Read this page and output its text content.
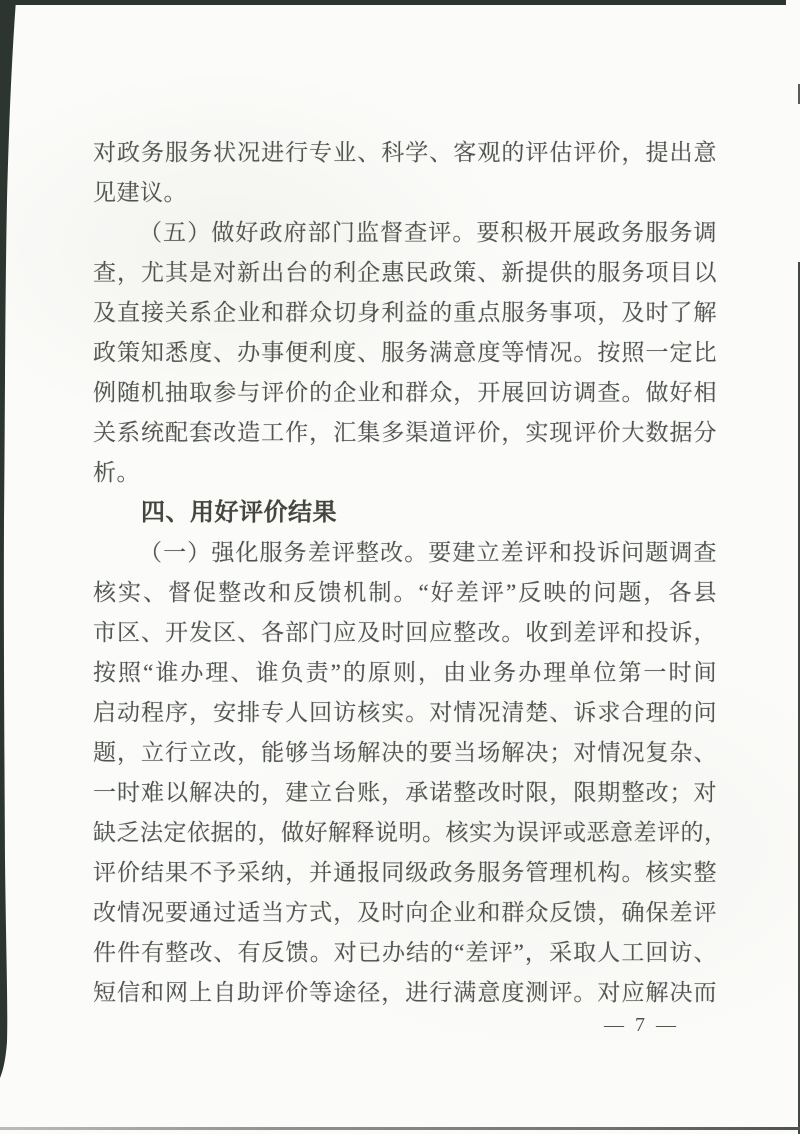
对政务服务状况进行专业、科学、客观的评估评价，提出意
见建议。
（五）做好政府部门监督查评。要积极开展政务服务调
查，尤其是对新出台的利企惠民政策、新提供的服务项目以
及直接关系企业和群众切身利益的重点服务事项，及时了解
政策知悉度、办事便利度、服务满意度等情况。按照一定比
例随机抽取参与评价的企业和群众，开展回访调查。做好相
关系统配套改造工作，汇集多渠道评价，实现评价大数据分
析。
四、用好评价结果
（一）强化服务差评整改。要建立差评和投诉问题调查
核实、督促整改和反馈机制。“好差评”反映的问题，各县
市区、开发区、各部门应及时回应整改。收到差评和投诉，
按照“谁办理、谁负责”的原则，由业务办理单位第一时间
启动程序，安排专人回访核实。对情况清楚、诉求合理的问
题，立行立改，能够当场解决的要当场解决；对情况复杂、
一时难以解决的，建立台账，承诺整改时限，限期整改；对
缺乏法定依据的，做好解释说明。核实为误评或恶意差评的，
评价结果不予采纳，并通报同级政务服务管理机构。核实整
改情况要通过适当方式，及时向企业和群众反馈，确保差评
件件有整改、有反馈。对已办结的“差评”，采取人工回访、
短信和网上自助评价等途径，进行满意度测评。对应解决而
— 7 —
